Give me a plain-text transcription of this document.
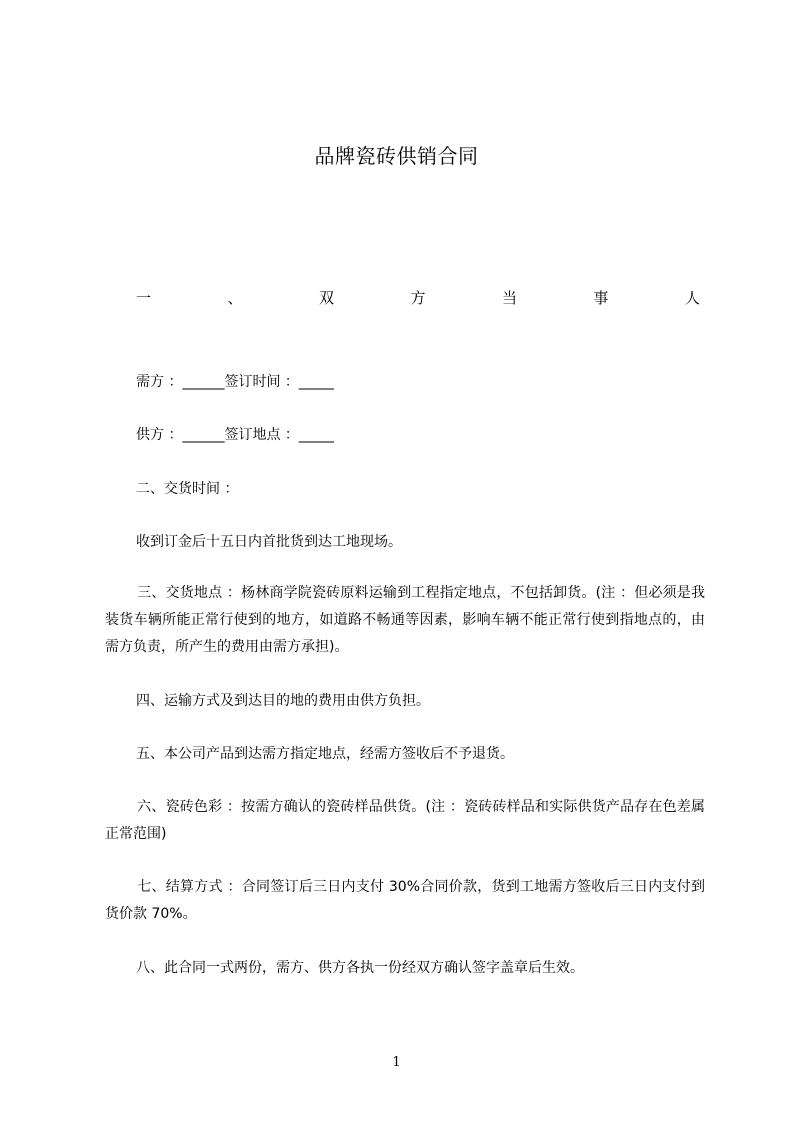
品牌瓷砖供销合同
一	、	双	方	当	事	人
需方 ：______签订时间 ：_____
供方 ：______签订地点 ：_____
二、交货时间 ：
收到订金后十五日内首批货到达工地现场。
三、交货地点 ：杨林商学院瓷砖原料运输到工程指定地点，不包括卸货。(注 ：但必须是我装货车辆所能正常行使到的地方，如道路不畅通等因素，影响车辆不能正常行使到指地点的，由需方负责，所产生的费用由需方承担)。
四、运输方式及到达目的地的费用由供方负担。
五、本公司产品到达需方指定地点，经需方签收后不予退货。
六、瓷砖色彩 ：按需方确认的瓷砖样品供货。(注 ：瓷砖砖样品和实际供货产品存在色差属正常范围)
七、结算方式 ：合同签订后三日内支付 30%合同价款，货到工地需方签收后三日内支付到货价款 70%。
八、此合同一式两份，需方、供方各执一份经双方确认签字盖章后生效。
1
